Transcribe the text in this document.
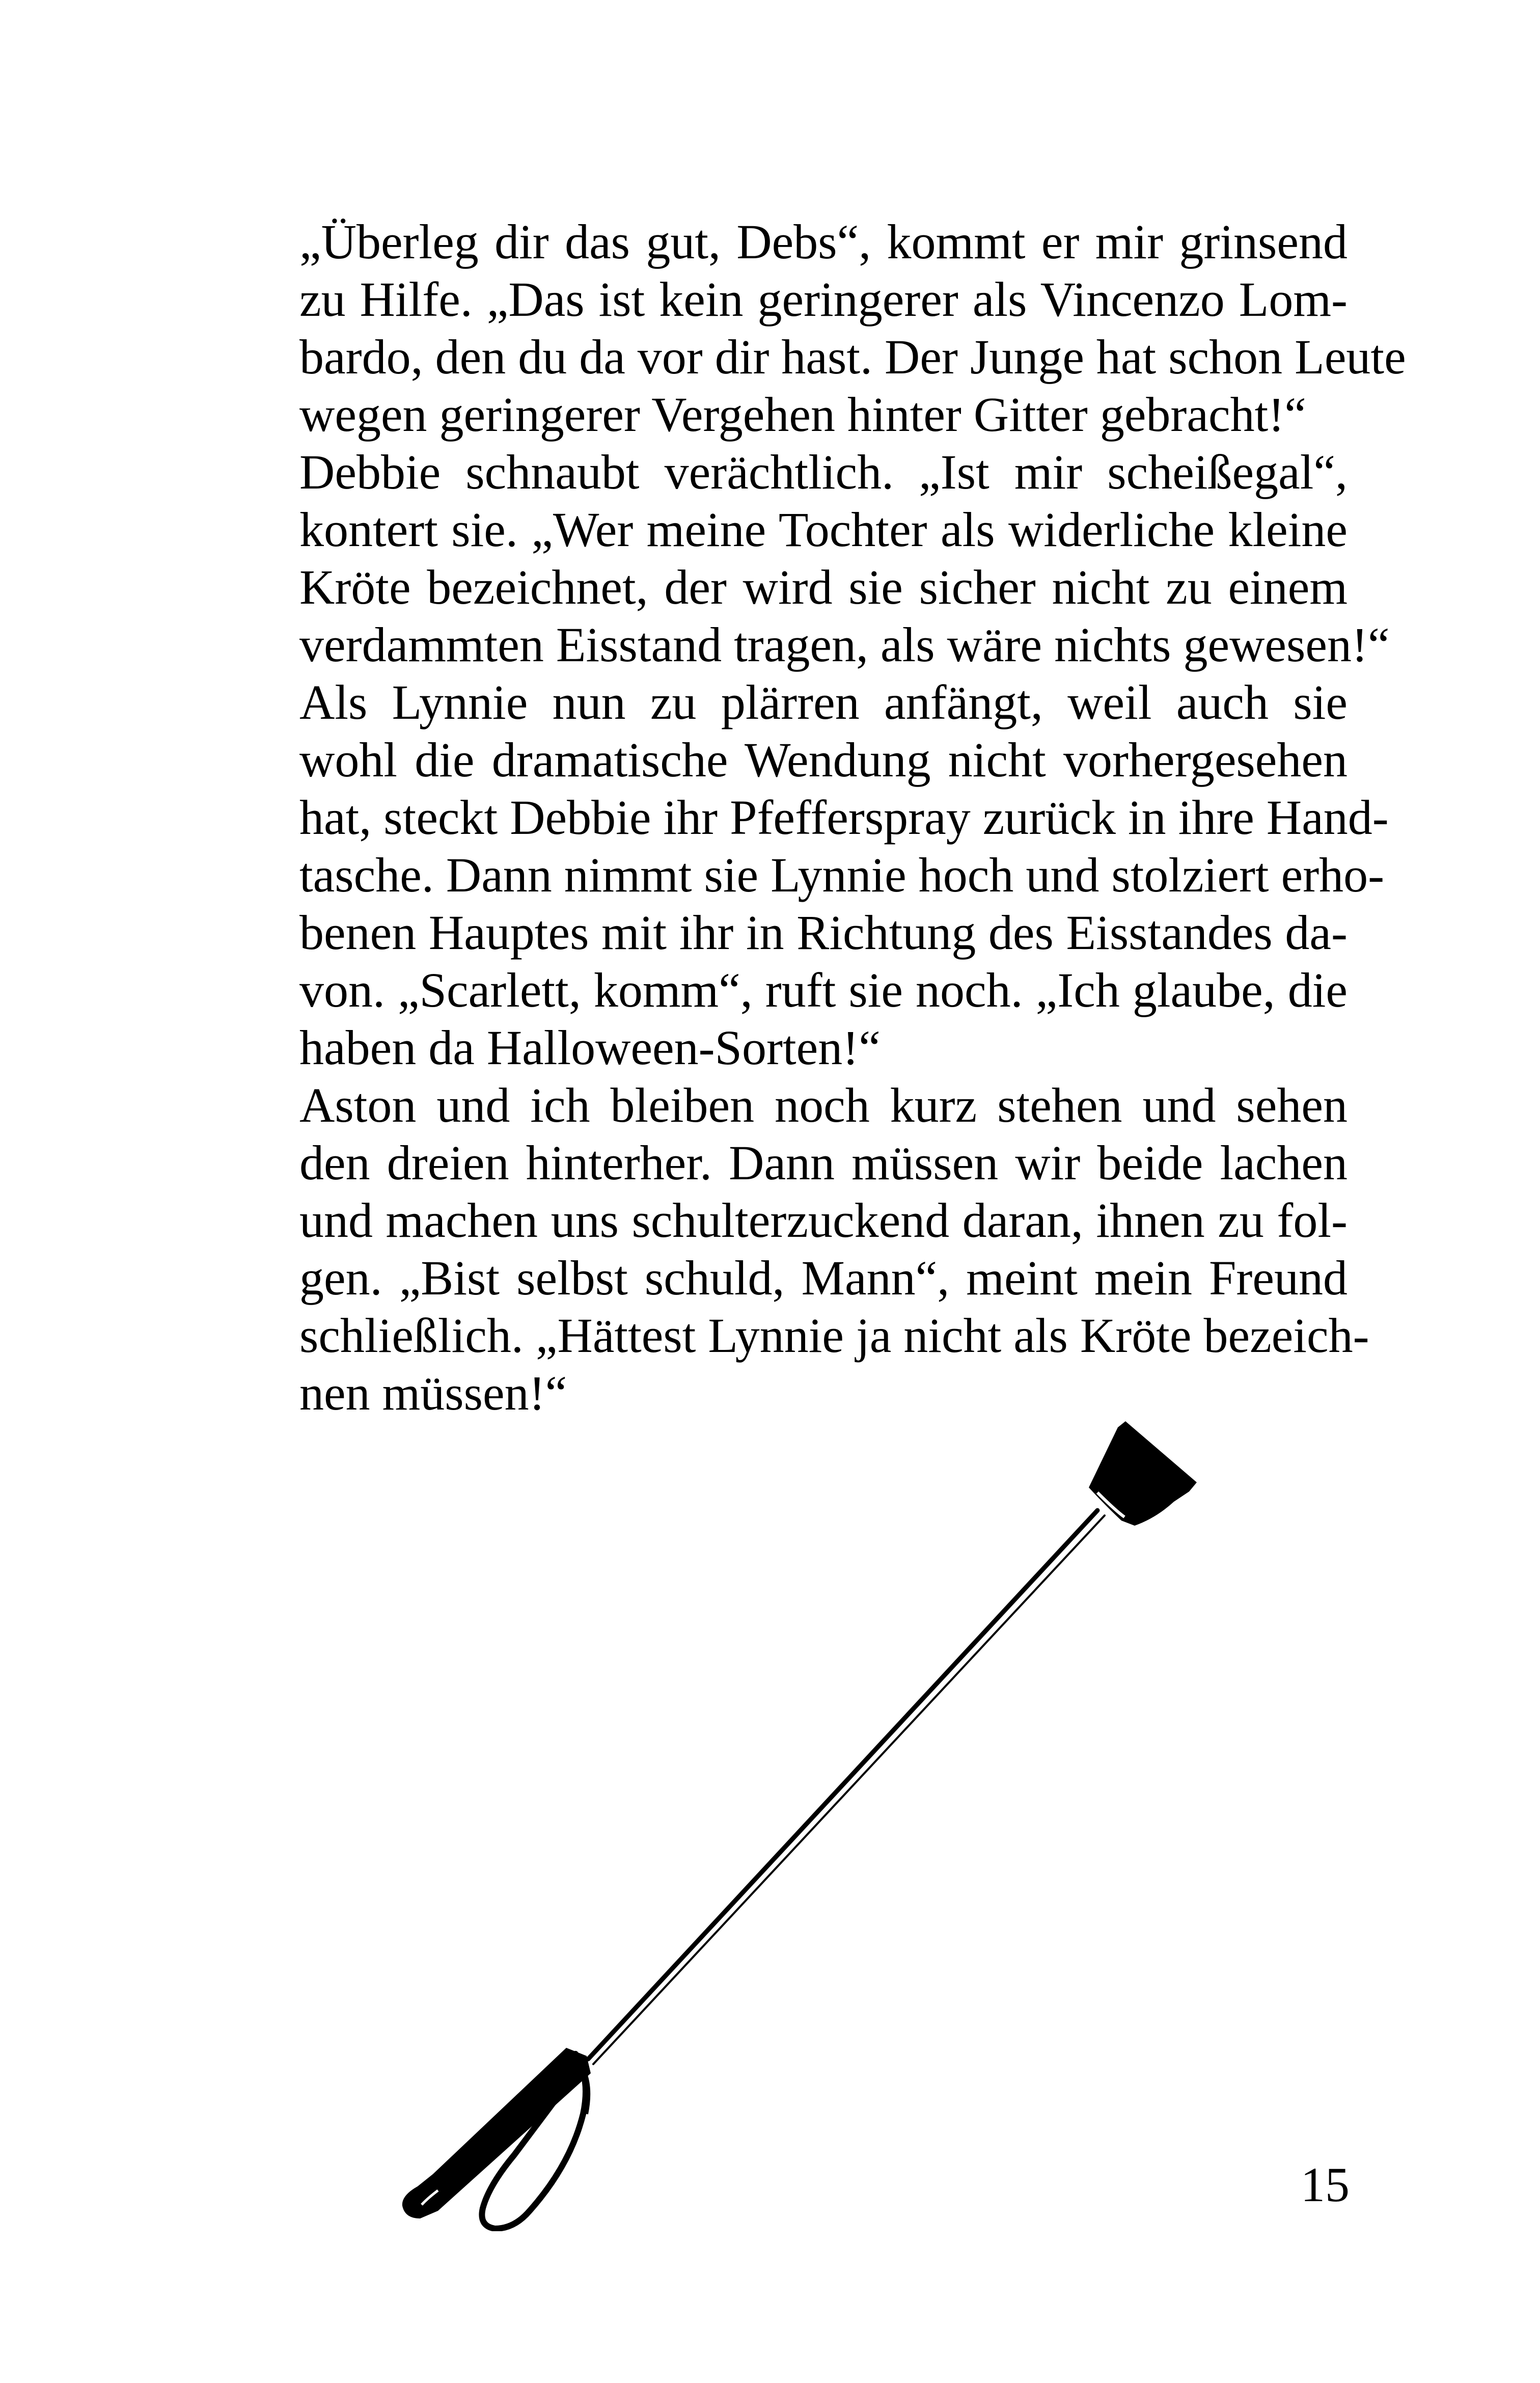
„Überleg dir das gut, Debs“, kommt er mir grinsend
zu Hilfe. „Das ist kein geringerer als Vincenzo Lom-
bardo, den du da vor dir hast. Der Junge hat schon Leute
wegen geringerer Vergehen hinter Gitter gebracht!“

Debbie schnaubt verächtlich. „Ist mir scheißegal“,
kontert sie. „Wer meine Tochter als widerliche kleine
Kröte bezeichnet, der wird sie sicher nicht zu einem
verdammten Eisstand tragen, als wäre nichts gewesen!“

Als Lynnie nun zu plärren anfängt, weil auch sie
wohl die dramatische Wendung nicht vorhergesehen
hat, steckt Debbie ihr Pfefferspray zurück in ihre Hand-
tasche. Dann nimmt sie Lynnie hoch und stolziert erho-
benen Hauptes mit ihr in Richtung des Eisstandes da-
von. „Scarlett, komm“, ruft sie noch. „Ich glaube, die
haben da Halloween-Sorten!“

Aston und ich bleiben noch kurz stehen und sehen
den dreien hinterher. Dann müssen wir beide lachen
und machen uns schulterzuckend daran, ihnen zu fol-
gen. „Bist selbst schuld, Mann“, meint mein Freund
schließlich. „Hättest Lynnie ja nicht als Kröte bezeich-
nen müssen!“

15
